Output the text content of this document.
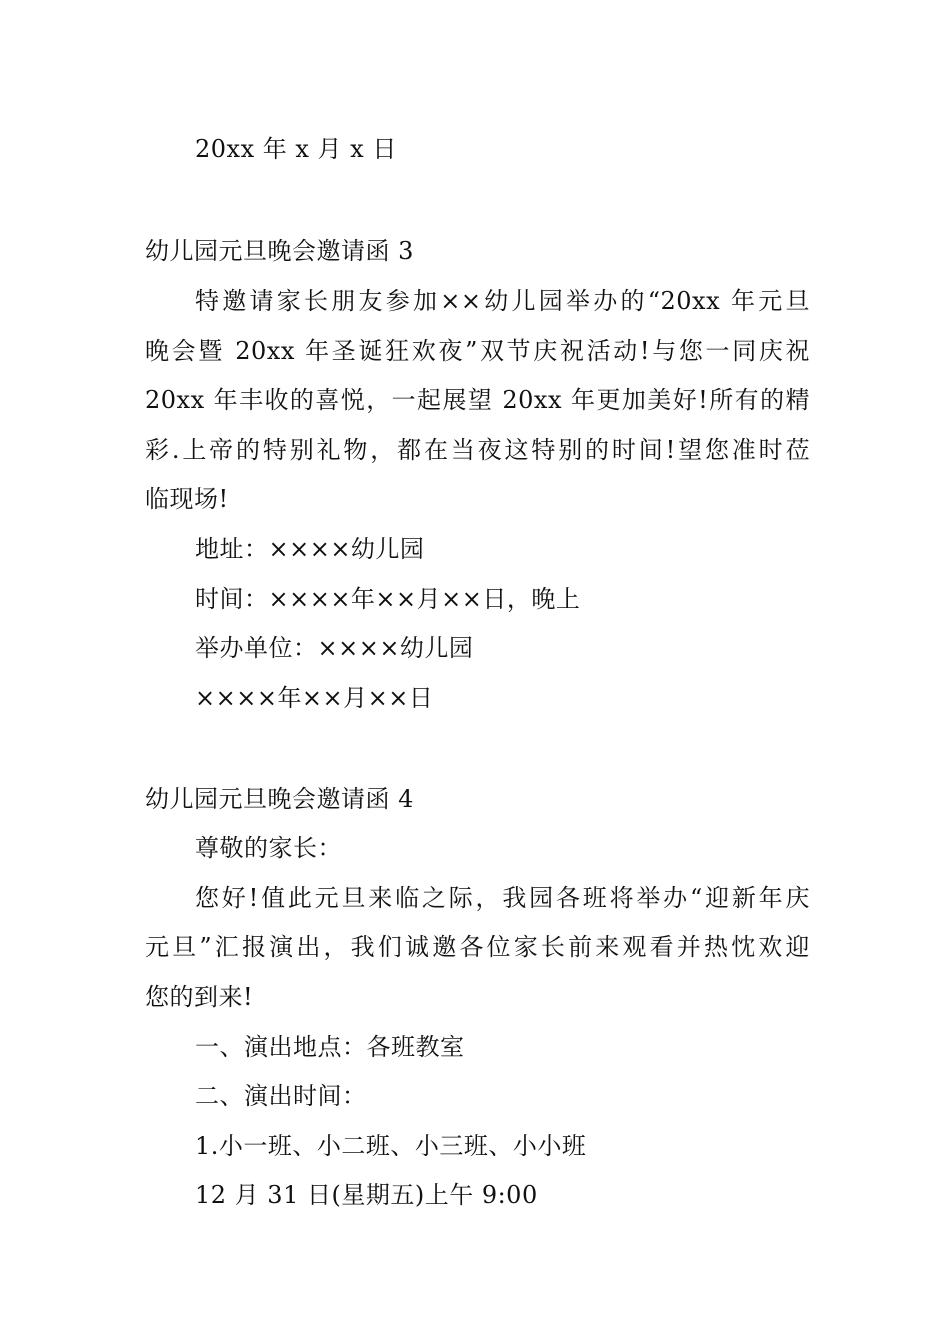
20xx 年 x 月 x 日
幼儿园元旦晚会邀请函 3
特邀请家长朋友参加××幼儿园举办的“20xx 年元旦
晚会暨 20xx 年圣诞狂欢夜”双节庆祝活动!与您一同庆祝
20xx 年丰收的喜悦，一起展望 20xx 年更加美好!所有的精
彩.上帝的特别礼物，都在当夜这特别的时间!望您准时莅
临现场!
地址：××××幼儿园
时间：××××年××月××日，晚上
举办单位：××××幼儿园
××××年××月××日
幼儿园元旦晚会邀请函 4
尊敬的家长：
您好!值此元旦来临之际，我园各班将举办“迎新年庆
元旦”汇报演出，我们诚邀各位家长前来观看并热忱欢迎
您的到来!
一、演出地点：各班教室
二、演出时间：
1.小一班、小二班、小三班、小小班
12 月 31 日(星期五)上午 9:00
